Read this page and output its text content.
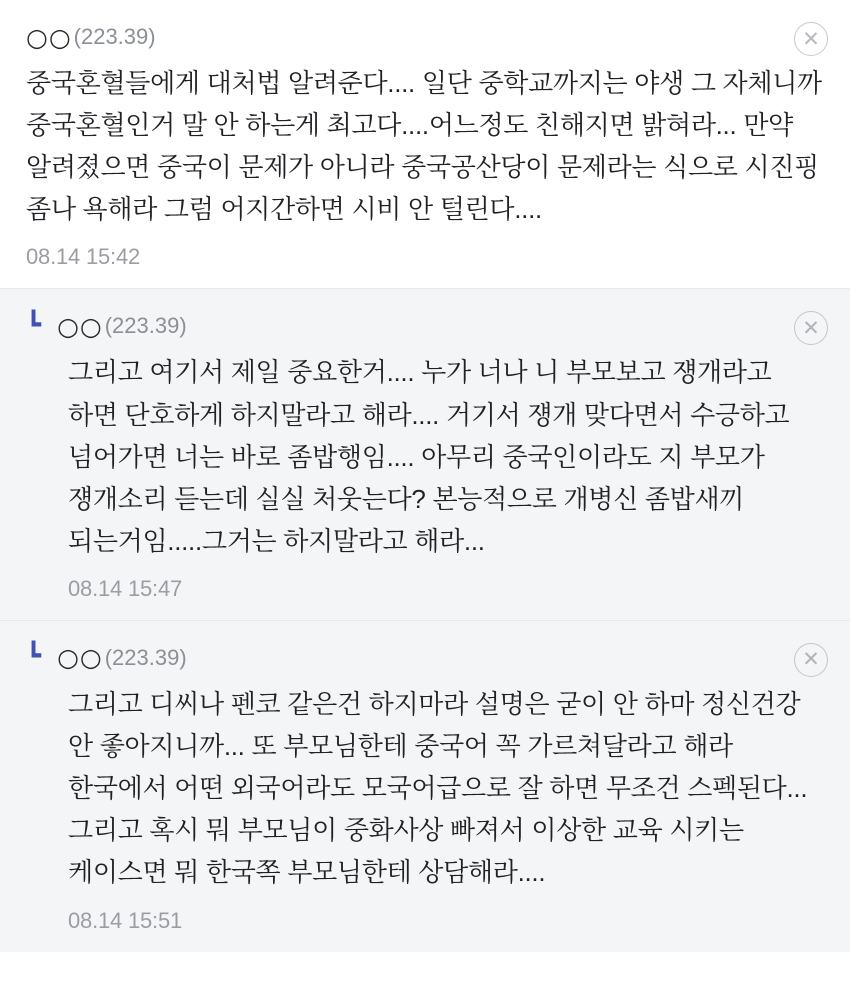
○○ (223.39)	✕
중국혼혈들에게 대처법 알려준다.... 일단 중학교까지는 야생 그 자체니까 중국혼혈인거 말 안 하는게 최고다....어느정도 친해지면 밝혀라... 만약 알려졌으면 중국이 문제가 아니라 중국공산당이 문제라는 식으로 시진핑 좀나 욕해라 그럼 어지간하면 시비 안 털린다....
08.14 15:42
┗ ○○ (223.39)	✕
그리고 여기서 제일 중요한거.... 누가 너나 니 부모보고 쟹개라고 하면 단호하게 하지말라고 해라.... 거기서 쟹개 맞다면서 수긍하고 넘어가면 너는 바로 좀밥행임.... 아무리 중국인이라도 지 부모가 쟹개소리 듣는데 실실 처웃는다? 본능적으로 개병신 좀밥새끼 되는거임.....그거는 하지말라고 해라...
08.14 15:47
┗ ○○ (223.39)	✕
그리고 디씨나 펜코 같은건 하지마라 설명은 굳이 안 하마 정신건강 안 좋아지니까... 또 부모님한테 중국어 꼭 가르쳐달라고 해라 한국에서 어떤 외국어라도 모국어급으로 잘 하면 무조건 스펙된다... 그리고 혹시 뭐 부모님이 중화사상 빠져서 이상한 교육 시키는 케이스면 뭐 한국쪽 부모님한테 상담해라....
08.14 15:51
